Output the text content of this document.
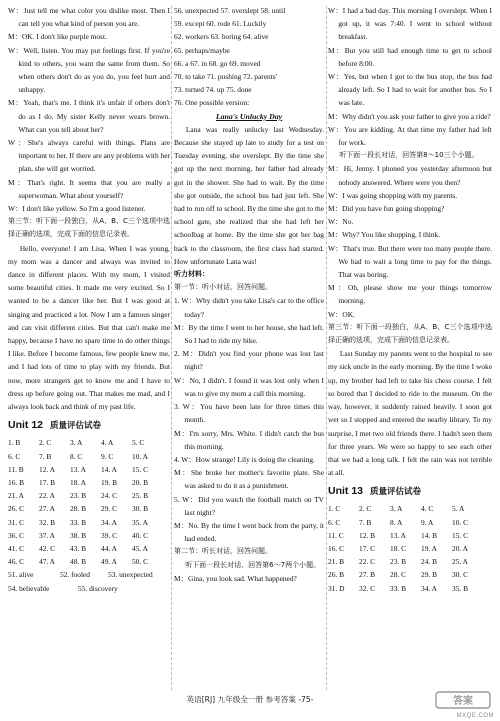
W：Just tell me what color you dislike most. Then I can tell you what kind of person you are.

M：OK. I don't like purple most.

W：Well, listen. You may put feelings first. If you're kind to others, you want the same from them. So when others don't do as you do, you feel hurt and unhappy.

M：Yeah, that's me. I think it's unfair if others don't do as I do. My sister Kelly never wears brown. What can you tell about her?

W：She's always careful with things. Plans are important to her. If there are any problems with her plan, she will get worried.

M：That's right. It seems that you are really a superwoman. What about yourself?

W：I don't like yellow. So I'm a good listener.

第三节：听下面一段独白，从A、B、C三个选项中选择正确的选项，完成下面的信息记录表。

Hello, everyone! I am Lisa. When I was young, my mom was a dancer and always was invited to dance in different places. With my mom, I visited some beautiful cities. It made me very excited. So I wanted to be a dancer like her. But I was good at singing and practiced a lot. Now I am a famous singer and can visit different cities. But that can't make me happy, because I have no spare time to do other things I like. Before I become famous, few people knew me, and I had lots of time to play with my friends. But now, more strangers get to know me and I have to dress up before going out. That makes me mad, and I always look back and think of my past life.

Unit 12 质量评估试卷
1. B	2. C	3. A	4. A	5. C
6. C	7. B	8. C	9. C	10. A
11. B	12. A	13. A	14. A	15. C
16. B	17. B	18. A	19. B	20. B
21. A	22. A	23. B	24. C	25. B
26. C	27. A	28. B	29. C	30. B
31. C	32. B	33. B	34. A	35. A
36. C	37. A	38. B	39. C	40. C
41. C	42. C	43. B	44. A	45. A
46. C	47. A	48. B	49. A	50. C
51. alive	52. fooled	53. unexpected
54. believable	55. discovery

56. unexpected 57. overslept 58. until

59. except 60. rode 61. Luckily

62. workers 63. boring 64. alive

65. perhaps/maybe

66. a 67. in 68. go 69. moved

70. to take 71. pushing 72. parents'

73. turned 74. up 75. done

76. One possible version:

Lana's Unlucky Day

Lana was really unlucky last Wednesday. Because she stayed up late to study for a test on Tuesday evening, she overslept. By the time she got up the next morning, her father had already got in the shower. She had to wait. By the time she got outside, the school bus had just left. She had to run off to school. By the time she got to the school gate, she realized that she had left her schoolbag at home. By the time she got her bag back to the classroom, the first class had started. How unfortunate Lana was!

听力材料：

第一节：听小对话，回答问题。

1. W：Why didn't you take Lisa's car to the office today?

M：By the time I went to her house, she had left. So I had to ride my bike.

2. M：Didn't you find your phone was lost last night?

W：No, I didn't. I found it was lost only when I was to give my mom a call this morning.

3. W：You have been late for three times this month.

M：I'm sorry, Mrs. White. I didn't catch the bus this morning.

4. W：How strange! Lily is doing the cleaning.

M：She broke her mother's favorite plate. She was asked to do it as a punishment.

5. W：Did you watch the football match on TV last night?

M：No. By the time I went back from the party, it had ended.

第二节：听长对话，回答问题。

听下面一段长对话，回答第6～7两个小题。

M：Gina, you look sad. What happened?

W：I had a bad day. This morning I overslept. When I got up, it was 7:40. I went to school without breakfast.

M：But you still had enough time to get to school before 8:00.

W：Yes, but when I got to the bus stop, the bus had already left. So I had to wait for another bus. So I was late.

M：Why didn't you ask your father to give you a ride?

W：You are kidding. At that time my father had left for work.

听下面一段长对话，回答第8～10三个小题。

M：Hi, Jenny. I phoned you yesterday afternoon but nobody answered. Where were you then?

W：I was going shopping with my parents.

M：Did you have fun going shopping?

W：No.

M：Why? You like shopping, I think.

W：That's true. But there were too many people there. We had to wait a long time to pay for the things. That was boring.

M：Oh, please show me your things tomorrow morning.

W：OK.

第三节：听下面一段独白，从A、B、C三个选项中选择正确的选项，完成下面的信息记录表。

Last Sunday my parents went to the hospital to see my sick uncle in the early morning. By the time I woke up, my brother had left to take his chess course. I felt so bored that I decided to ride to the museum. On the way, however, it suddenly rained heavily. I soon got wet so I stopped and entered the nearby library. To my surprise, I met two old friends there. I hadn't seen them for three years. We were so happy to see each other that we had a long talk. I felt the rain was not terrible at all.

Unit 13 质量评估试卷
1. C	2. C	3. A	4. C	5. A
6. C	7. B	8. A	9. A	10. C
11. C	12. B	13. A	14. B	15. C
16. C	17. C	18. C	19. A	20. A
21. B	22. C	23. B	24. B	25. A
26. B	27. B	28. C	29. B	30. C
31. D	32. C	33. B	34. A	35. B
英语[RJ] 九年级全一册 参考答案 -75-	答案
MXQE.COM
